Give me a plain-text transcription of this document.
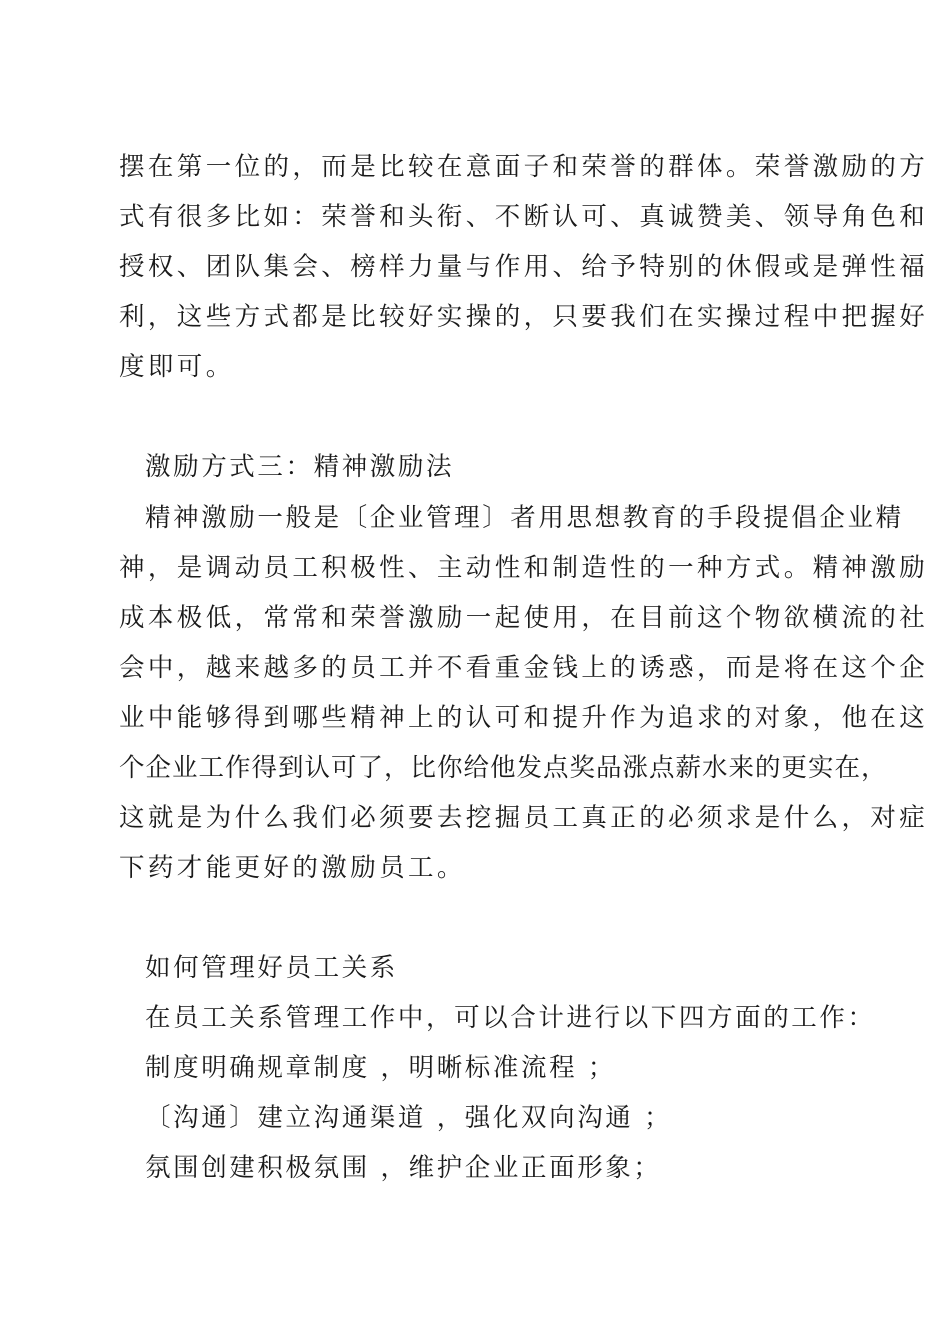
摆在第一位的，而是比较在意面子和荣誉的群体。荣誉激励的方
式有很多比如：荣誉和头衔、不断认可、真诚赞美、领导角色和
授权、团队集会、榜样力量与作用、给予特别的休假或是弹性福
利，这些方式都是比较好实操的，只要我们在实操过程中把握好
度即可。
激励方式三：精神激励法
精神激励一般是〔企业管理〕者用思想教育的手段提倡企业精
神，是调动员工积极性、主动性和制造性的一种方式。精神激励
成本极低，常常和荣誉激励一起使用，在目前这个物欲横流的社
会中，越来越多的员工并不看重金钱上的诱惑，而是将在这个企
业中能够得到哪些精神上的认可和提升作为追求的对象，他在这
个企业工作得到认可了，比你给他发点奖品涨点薪水来的更实在，
这就是为什么我们必须要去挖掘员工真正的必须求是什么，对症
下药才能更好的激励员工。
如何管理好员工关系
在员工关系管理工作中，可以合计进行以下四方面的工作：
制度明确规章制度 ，明晰标准流程 ；
〔沟通〕建立沟通渠道 ，强化双向沟通 ；
氛围创建积极氛围 ，维护企业正面形象；
